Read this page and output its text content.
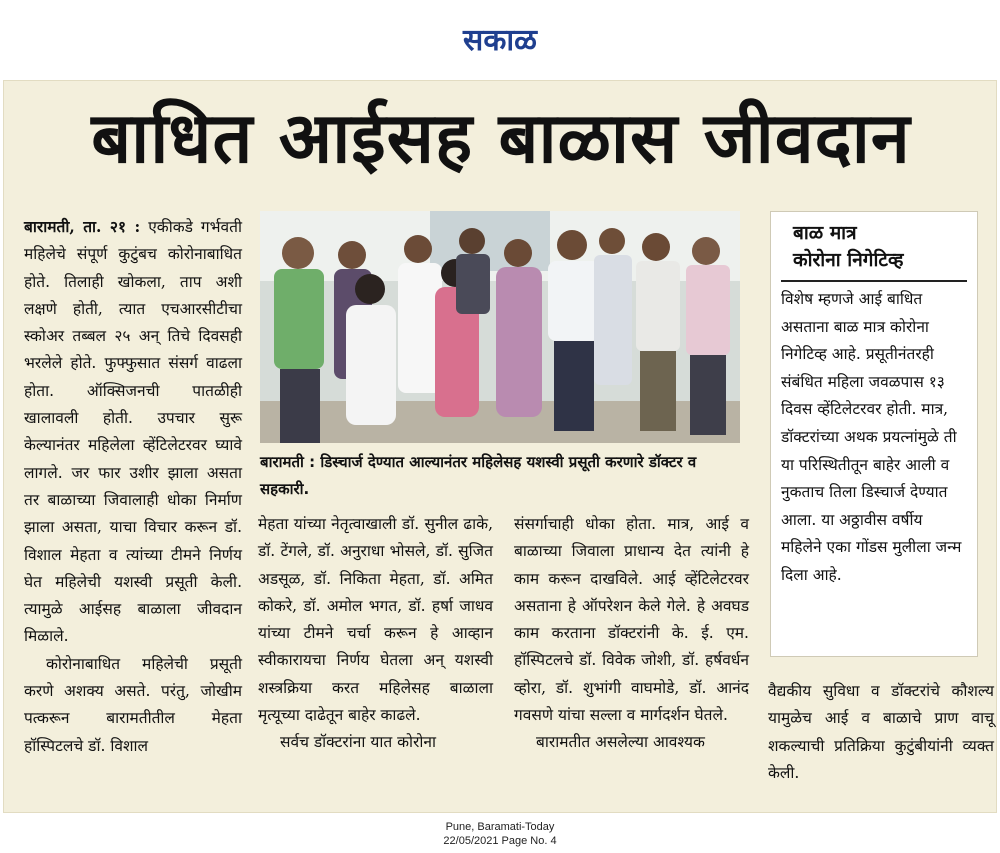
सकाळ
बाधित आईसह बाळास जीवदान

बारामती, ता. २१ : एकीकडे गर्भवती महिलेचे संपूर्ण कुटुंबच कोरोनाबाधित होते. तिलाही खोकला, ताप अशी लक्षणे होती, त्यात एचआरसीटीचा स्कोअर तब्बल २५ अन् तिचे दिवसही भरलेले होते. फुफ्फुसात संसर्ग वाढला होता. ऑक्सिजनची पातळीही खालावली होती. उपचार सुरू केल्यानंतर महिलेला व्हेंटिलेटरवर घ्यावे लागले. जर फार उशीर झाला असता तर बाळाच्या जिवालाही धोका निर्माण झाला असता, याचा विचार करून डॉ. विशाल मेहता व त्यांच्या टीमने निर्णय घेत महिलेची यशस्वी प्रसूती केली. त्यामुळे आईसह बाळाला जीवदान मिळाले.

कोरोनाबाधित महिलेची प्रसूती करणे अशक्य असते. परंतु, जोखीम पत्करून बारामतीतील मेहता हॉस्पिटलचे डॉ. विशाल

बारामती : डिस्चार्ज देण्यात आल्यानंतर महिलेसह यशस्वी प्रसूती करणारे डॉक्टर व सहकारी.

मेहता यांच्या नेतृत्वाखाली डॉ. सुनील ढाके, डॉ. टेंगले, डॉ. अनुराधा भोसले, डॉ. सुजित अडसूळ, डॉ. निकिता मेहता, डॉ. अमित कोकरे, डॉ. अमोल भगत, डॉ. हर्षा जाधव यांच्या टीमने चर्चा करून हे आव्हान स्वीकारायचा निर्णय घेतला अन् यशस्वी शस्त्रक्रिया करत महिलेसह बाळाला मृत्यूच्या दाढेतून बाहेर काढले.

सर्वच डॉक्टरांना यात कोरोना

संसर्गाचाही धोका होता. मात्र, आई व बाळाच्या जिवाला प्राधान्य देत त्यांनी हे काम करून दाखविले. आई व्हेंटिलेटरवर असताना हे ऑपरेशन केले गेले. हे अवघड काम करताना डॉक्टरांनी के. ई. एम. हॉस्पिटलचे डॉ. विवेक जोशी, डॉ. हर्षवर्धन व्होरा, डॉ. शुभांगी वाघमोडे, डॉ. आनंद गवसणे यांचा सल्ला व मार्गदर्शन घेतले.

बारामतीत असलेल्या आवश्यक

बाळ मात्र
कोरोना निगेटिव्ह

विशेष म्हणजे आई बाधित असताना बाळ मात्र कोरोना निगेटिव्ह आहे. प्रसूतीनंतरही संबंधित महिला जवळपास १३ दिवस व्हेंटिलेटरवर होती. मात्र, डॉक्टरांच्या अथक प्रयत्नांमुळे ती या परिस्थितीतून बाहेर आली व नुकताच तिला डिस्चार्ज देण्यात आला. या अठ्ठावीस वर्षीय महिलेने एका गोंडस मुलीला जन्म दिला आहे.

वैद्यकीय सुविधा व डॉक्टरांचे कौशल्य यामुळेच आई व बाळाचे प्राण वाचू शकल्याची प्रतिक्रिया कुटुंबीयांनी व्यक्त केली.

Pune, Baramati-Today
22/05/2021 Page No. 4
